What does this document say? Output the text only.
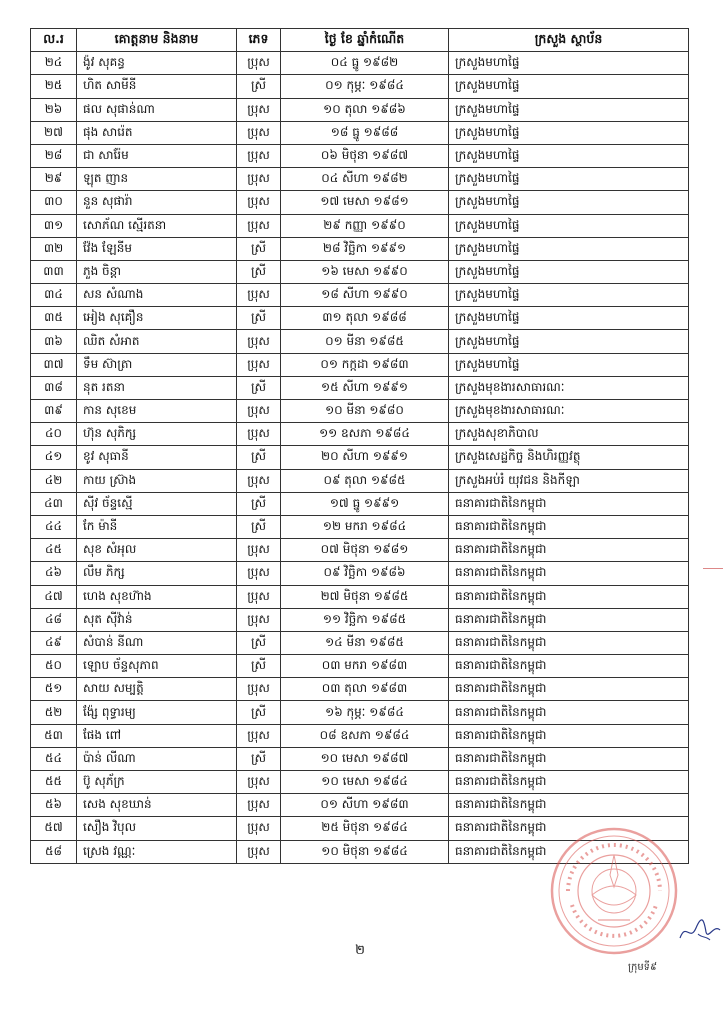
ល.រ	គោត្តនាម និងនាម	ភេទ	ថ្ងៃ ខែ ឆ្នាំកំណើត	ក្រសួង ស្ថាប័ន
២៤	ង៉ូវ សុគន្ធ	ប្រុស	០៤ ធ្នូ ១៩៨២	ក្រសួងមហាផ្ទៃ
២៥	ហិត សាមីនី	ស្រី	០១ កុម្ភៈ ១៩៨៤	ក្រសួងមហាផ្ទៃ
២៦	ផល សុផាន់ណា	ប្រុស	១០ តុលា ១៩៨៦	ក្រសួងមហាផ្ទៃ
២៧	ផុង សារ៉េត	ប្រុស	១៨ ធ្នូ ១៩៨៨	ក្រសួងមហាផ្ទៃ
២៨	ជា សារ៉ែម	ប្រុស	០៦ មិថុនា ១៩៨៧	ក្រសួងមហាផ្ទៃ
២៩	ឡុត ញាន	ប្រុស	០៤ សីហា ១៩៨២	ក្រសួងមហាផ្ទៃ
៣០	នួន សុផារ៉ា	ប្រុស	១៧ មេសា ១៩៨១	ក្រសួងមហាផ្ទៃ
៣១	សោភ័ណ ស្មើរតនា	ប្រុស	២៩ កញ្ញា ១៩៩០	ក្រសួងមហាផ្ទៃ
៣២	វ៉ែង ឡែនីម	ស្រី	២៨ វិច្ឆិកា ១៩៩១	ក្រសួងមហាផ្ទៃ
៣៣	ភួង ចិន្តា	ស្រី	១៦ មេសា ១៩៩០	ក្រសួងមហាផ្ទៃ
៣៤	សន សំណាង	ប្រុស	១៨ សីហា ១៩៩០	ក្រសួងមហាផ្ទៃ
៣៥	អៀង សុគឿន	ស្រី	៣១ តុលា ១៩៨៨	ក្រសួងមហាផ្ទៃ
៣៦	ឈិត សំអាត	ប្រុស	០១ មីនា ១៩៨៥	ក្រសួងមហាផ្ទៃ
៣៧	ទឹម ស៊ាត្រា	ប្រុស	០១ កក្កដា ១៩៨៣	ក្រសួងមហាផ្ទៃ
៣៨	នុត រតនា	ស្រី	១៥ សីហា ១៩៩១	ក្រសួងមុខងារសាធារណៈ
៣៩	កាន សុខេម	ប្រុស	១០ មីនា ១៩៨០	ក្រសួងមុខងារសាធារណៈ
៤០	ហ៊ុន សុភិក្ស	ប្រុស	១១ ឧសភា ១៩៨៤	ក្រសួងសុខាភិបាល
៤១	ខូវ សុធានី	ស្រី	២០ សីហា ១៩៩១	ក្រសួងសេដ្ឋកិច្ច និងហិរញ្ញវត្ថុ
៤២	កាយ ស្រ៊ាង	ប្រុស	០៩ តុលា ១៩៨៥	ក្រសួងអប់រំ យុវជន និងកីឡា
៤៣	ស៊ីវ ច័ន្ទស្មើ	ស្រី	១៧ ធ្នូ ១៩៩១	ធនាគារជាតិនៃកម្ពុជា
៤៤	កែ ម៉ានី	ស្រី	១២ មករា ១៩៨៤	ធនាគារជាតិនៃកម្ពុជា
៤៥	សុខ សំអុល	ប្រុស	០៧ មិថុនា ១៩៨១	ធនាគារជាតិនៃកម្ពុជា
៤៦	លឹម ភិក្ស	ប្រុស	០៩ វិច្ឆិកា ១៩៨៦	ធនាគារជាតិនៃកម្ពុជា
៤៧	ហេង សុខហ៊ាង	ប្រុស	២៧ មិថុនា ១៩៨៥	ធនាគារជាតិនៃកម្ពុជា
៤៨	សុត ស៊ីវ៉ាន់	ប្រុស	១១ វិច្ឆិកា ១៩៨៥	ធនាគារជាតិនៃកម្ពុជា
៤៩	សំបាន់ នីណា	ស្រី	១៤ មីនា ១៩៨៥	ធនាគារជាតិនៃកម្ពុជា
៥០	ឡោប ច័ន្ទសុភាព	ស្រី	០៣ មករា ១៩៨៣	ធនាគារជាតិនៃកម្ពុជា
៥១	សាយ សម្បត្តិ	ប្រុស	០៣ តុលា ១៩៨៣	ធនាគារជាតិនៃកម្ពុជា
៥២	ង៉ែ្ស ពុទ្ធារម្យ	ស្រី	១៦ កុម្ភៈ ១៩៨៤	ធនាគារជាតិនៃកម្ពុជា
៥៣	ផែង ពៅ	ប្រុស	០៨ ឧសភា ១៩៨៤	ធនាគារជាតិនៃកម្ពុជា
៥៤	ប៉ាន់ លីណា	ស្រី	១០ មេសា ១៩៨៧	ធនាគារជាតិនៃកម្ពុជា
៥៥	ប៊ូ សុភ័ក្រ	ប្រុស	១០ មេសា ១៩៨៤	ធនាគារជាតិនៃកម្ពុជា
៥៦	សេង សុខឃាន់	ប្រុស	០១ សីហា ១៩៨៣	ធនាគារជាតិនៃកម្ពុជា
៥៧	សឿង វិបុល	ប្រុស	២៥ មិថុនា ១៩៨៤	ធនាគារជាតិនៃកម្ពុជា
៥៨	ស្រេង វណ្ណៈ	ប្រុស	១០ មិថុនា ១៩៨៤	ធនាគារជាតិនៃកម្ពុជា
២
ក្រុមទី៩
